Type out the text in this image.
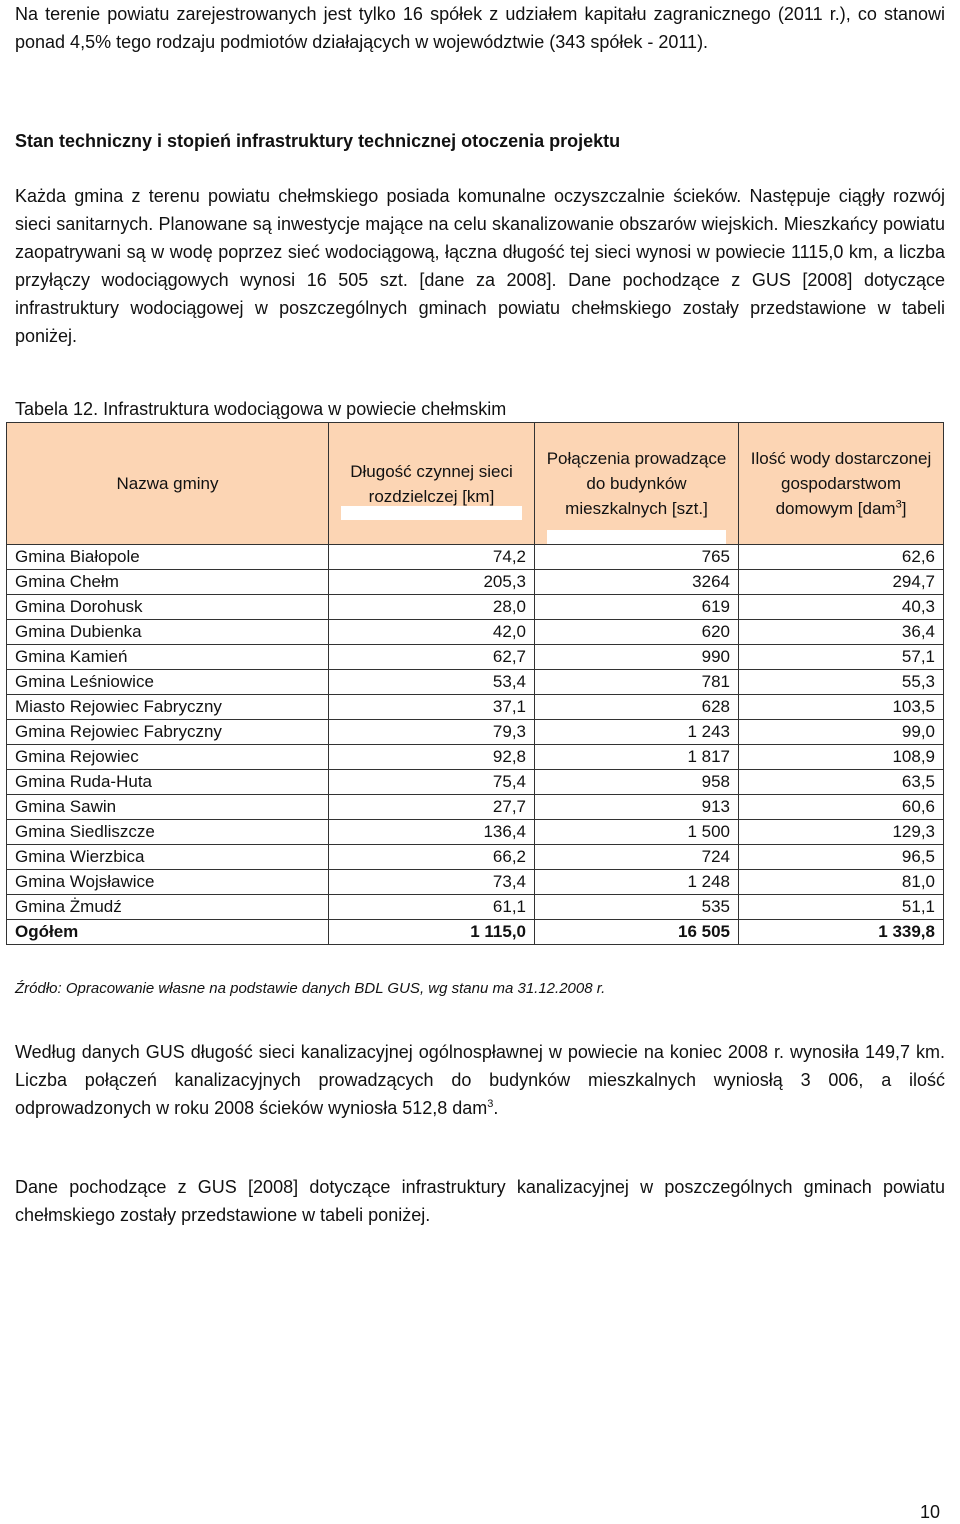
Na terenie powiatu zarejestrowanych jest tylko 16 spółek z udziałem kapitału zagranicznego (2011 r.), co stanowi ponad 4,5% tego rodzaju podmiotów działających w województwie (343 spółek - 2011).

Stan techniczny i stopień infrastruktury technicznej otoczenia projektu

Każda gmina z terenu powiatu chełmskiego posiada komunalne oczyszczalnie ścieków. Następuje ciągły rozwój sieci sanitarnych. Planowane są inwestycje mające na celu skanalizowanie obszarów wiejskich. Mieszkańcy powiatu zaopatrywani są w wodę poprzez sieć wodociągową, łączna długość tej sieci wynosi w powiecie 1115,0 km, a liczba przyłączy wodociągowych wynosi 16 505 szt. [dane za 2008]. Dane pochodzące z GUS [2008] dotyczące infrastruktury wodociągowej w poszczególnych gminach powiatu chełmskiego zostały przedstawione w tabeli poniżej.

Tabela 12. Infrastruktura wodociągowa w powiecie chełmskim

Nazwa gminy	Długość czynnej sieci rozdzielczej [km]	Połączenia prowadzące do budynków mieszkalnych [szt.]	Ilość wody dostarczonej gospodarstwom domowym [dam$^3$]
Gmina Białopole	74,2	765	62,6
Gmina Chełm	205,3	3264	294,7
Gmina Dorohusk	28,0	619	40,3
Gmina Dubienka	42,0	620	36,4
Gmina Kamień	62,7	990	57,1
Gmina Leśniowice	53,4	781	55,3
Miasto Rejowiec Fabryczny	37,1	628	103,5
Gmina Rejowiec Fabryczny	79,3	1 243	99,0
Gmina Rejowiec	92,8	1 817	108,9
Gmina Ruda-Huta	75,4	958	63,5
Gmina Sawin	27,7	913	60,6
Gmina Siedliszcze	136,4	1 500	129,3
Gmina Wierzbica	66,2	724	96,5
Gmina Wojsławice	73,4	1 248	81,0
Gmina Żmudź	61,1	535	51,1
Ogółem	1 115,0	16 505	1 339,8

Źródło: Opracowanie własne na podstawie danych BDL GUS, wg stanu ma 31.12.2008 r.

Według danych GUS długość sieci kanalizacyjnej ogólnospławnej w powiecie na koniec 2008 r. wynosiła 149,7 km. Liczba połączeń kanalizacyjnych prowadzących do budynków mieszkalnych wyniosłą 3 006, a ilość odprowadzonych w roku 2008 ścieków wyniosła 512,8 dam$^3$.

Dane pochodzące z GUS [2008] dotyczące infrastruktury kanalizacyjnej w poszczególnych gminach powiatu chełmskiego zostały przedstawione w tabeli poniżej.

10
